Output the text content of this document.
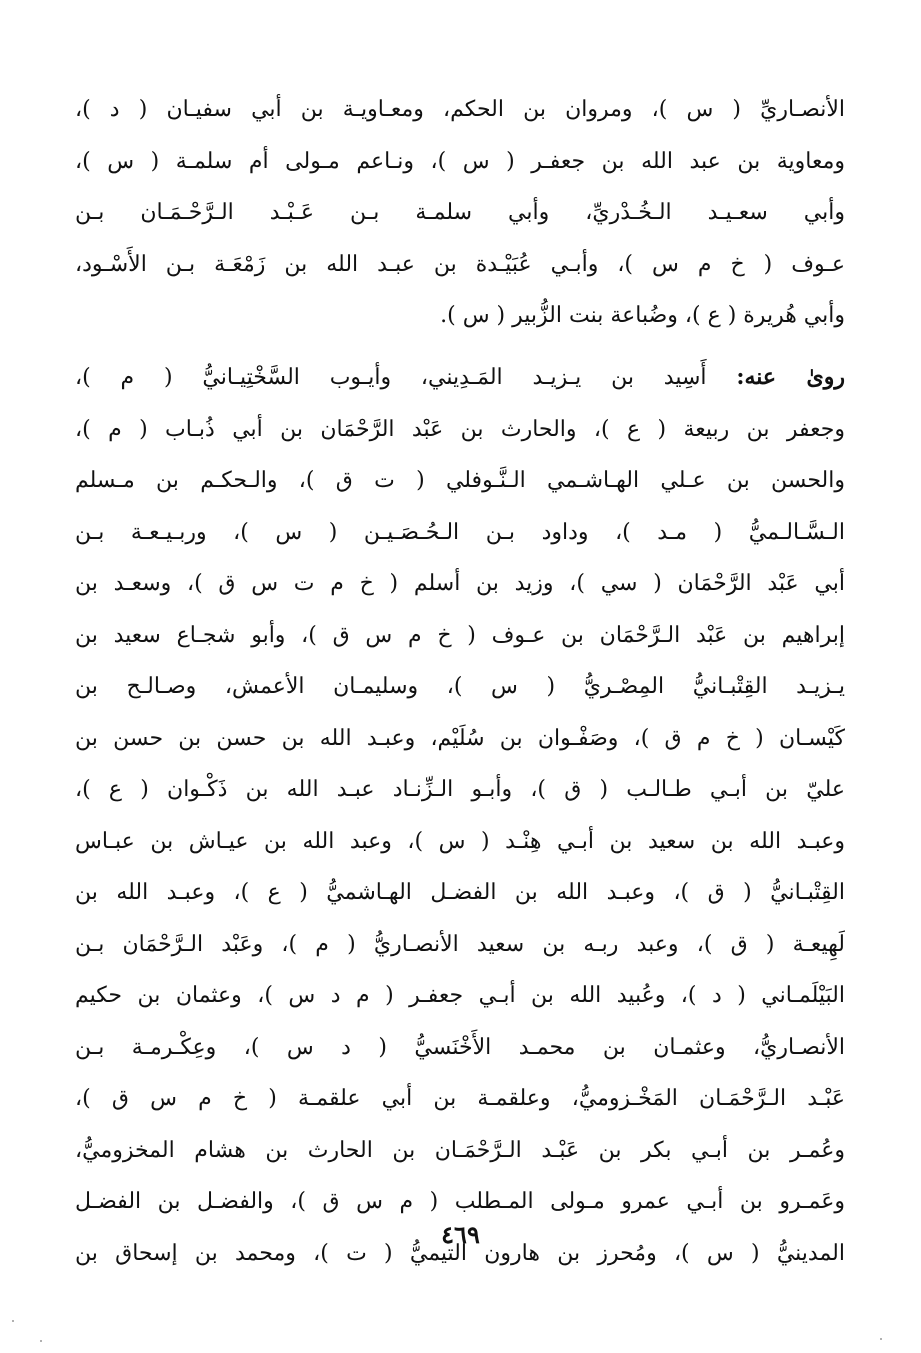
الأنصـاريِّ ( س )، ومروان بن الحكم، ومعـاويـة بن أبي سفيـان ( د )،
ومعاوية بن عبد الله بن جعفـر ( س )، ونـاعم مـولى أم سلمـة ( س )،
وأبي سعـيـد الـخُـدْريِّ، وأبي سلمـة بـن عَـبْـد الـرَّحْـمَـان بـن
عـوف ( خ م س )، وأبـي عُبَيْـدة بن عبـد الله بن زَمْعَـة بـن الأَسْـود،
وأبي هُريرة ( ع )، وضُباعة بنت الزُّبير ( س ).
روىٰ عنه: أَسِيد بن يـزيـد المَـدِيني، وأيـوب السَّخْتِيـانيُّ ( م )،
وجعفر بن ربيعة ( ع )، والحارث بن عَبْد الرَّحْمَان بن أبي ذُبـاب ( م )،
والحسن بن عـلي الهـاشـمي الـنَّـوفلي ( ت ق )، والـحكـم بن مـسلم
الـسَّـالـميُّ ( مـد )، وداود بـن الـحُـصَـيـن ( س )، وربـيـعـة بـن
أبي عَبْد الرَّحْمَان ( سي )، وزيد بن أسلم ( خ م ت س ق )، وسعـد بن
إبراهيم بن عَبْد الـرَّحْمَان بن عـوف ( خ م س ق )، وأبو شجـاع سعيد بن
يـزيـد القِتْبـانيُّ المِصْـريُّ ( س )، وسليمـان الأعمش، وصـالـح بن
كَيْسـان ( خ م ق )، وصَفْـوان بن سُلَيْم، وعبـد الله بن حسن بن حسن بن
عليّ بن أبـي طـالـب ( ق )، وأبـو الـزِّنـاد عبـد الله بن ذَكْـوان ( ع )،
وعبـد الله بن سعيد بن أبـي هِنْـد ( س )، وعبد الله بن عيـاش بن عبـاس
القِتْبـانيُّ ( ق )، وعبـد الله بن الفضـل الهـاشميُّ ( ع )، وعبـد الله بن
لَهِيعـة ( ق )، وعبد ربـه بن سعيد الأنصـاريُّ ( م )، وعَبْد الـرَّحْمَان بـن
البَيْلَمـاني ( د )، وعُبيد الله بن أبـي جعفـر ( م د س )، وعثمان بن حكيم
الأنصـاريُّ، وعثمـان بن محمـد الأَخْنَسيُّ ( د س )، وعِكْـرمـة بـن
عَبْـد الـرَّحْمَـان المَخْـزوميُّ، وعلقمـة بن أبي علقمـة ( خ م س ق )،
وعُمـر بن أبـي بكر بن عَبْـد الـرَّحْمَـان بن الحارث بن هشام المخزوميُّ،
وعَمـرو بن أبـي عمرو مـولى المـطلب ( م س ق )، والفضـل بن الفضـل
المدينيُّ ( س )، ومُحرز بن هارون التيميُّ ( ت )، ومحمد بن إسحاق بن
٤٦٩
